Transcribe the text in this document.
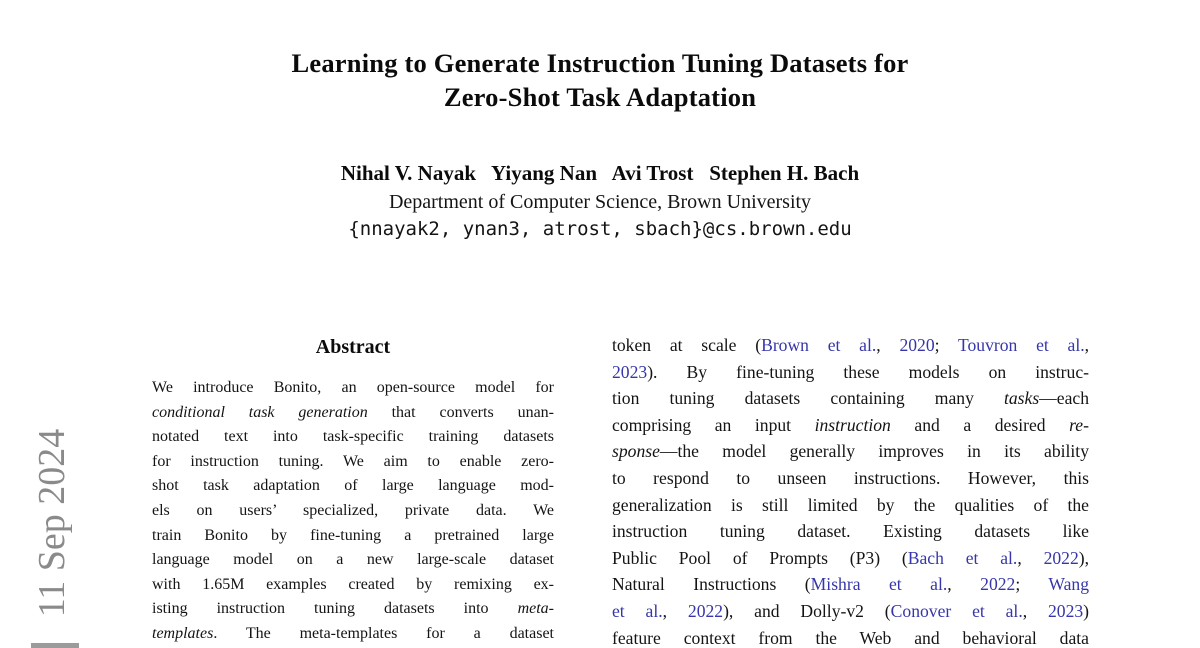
11 Sep 2024
Learning to Generate Instruction Tuning Datasets for
Zero-Shot Task Adaptation
Nihal V. Nayak   Yiyang Nan   Avi Trost   Stephen H. Bach
Department of Computer Science, Brown University
{nnayak2, ynan3, atrost, sbach}@cs.brown.edu
Abstract
We introduce Bonito, an open-source model for
conditional task generation that converts unan-
notated text into task-specific training datasets
for instruction tuning. We aim to enable zero-
shot task adaptation of large language mod-
els on users’ specialized, private data. We
train Bonito by fine-tuning a pretrained large
language model on a new large-scale dataset
with 1.65M examples created by remixing ex-
isting instruction tuning datasets into meta-
templates. The meta-templates for a dataset
token at scale (Brown et al., 2020; Touvron et al.,
2023). By fine-tuning these models on instruc-
tion tuning datasets containing many tasks—each
comprising an input instruction and a desired re-
sponse—the model generally improves in its ability
to respond to unseen instructions. However, this
generalization is still limited by the qualities of the
instruction tuning dataset. Existing datasets like
Public Pool of Prompts (P3) (Bach et al., 2022),
Natural Instructions (Mishra et al., 2022; Wang
et al., 2022), and Dolly-v2 (Conover et al., 2023)
feature context from the Web and behavioral data
